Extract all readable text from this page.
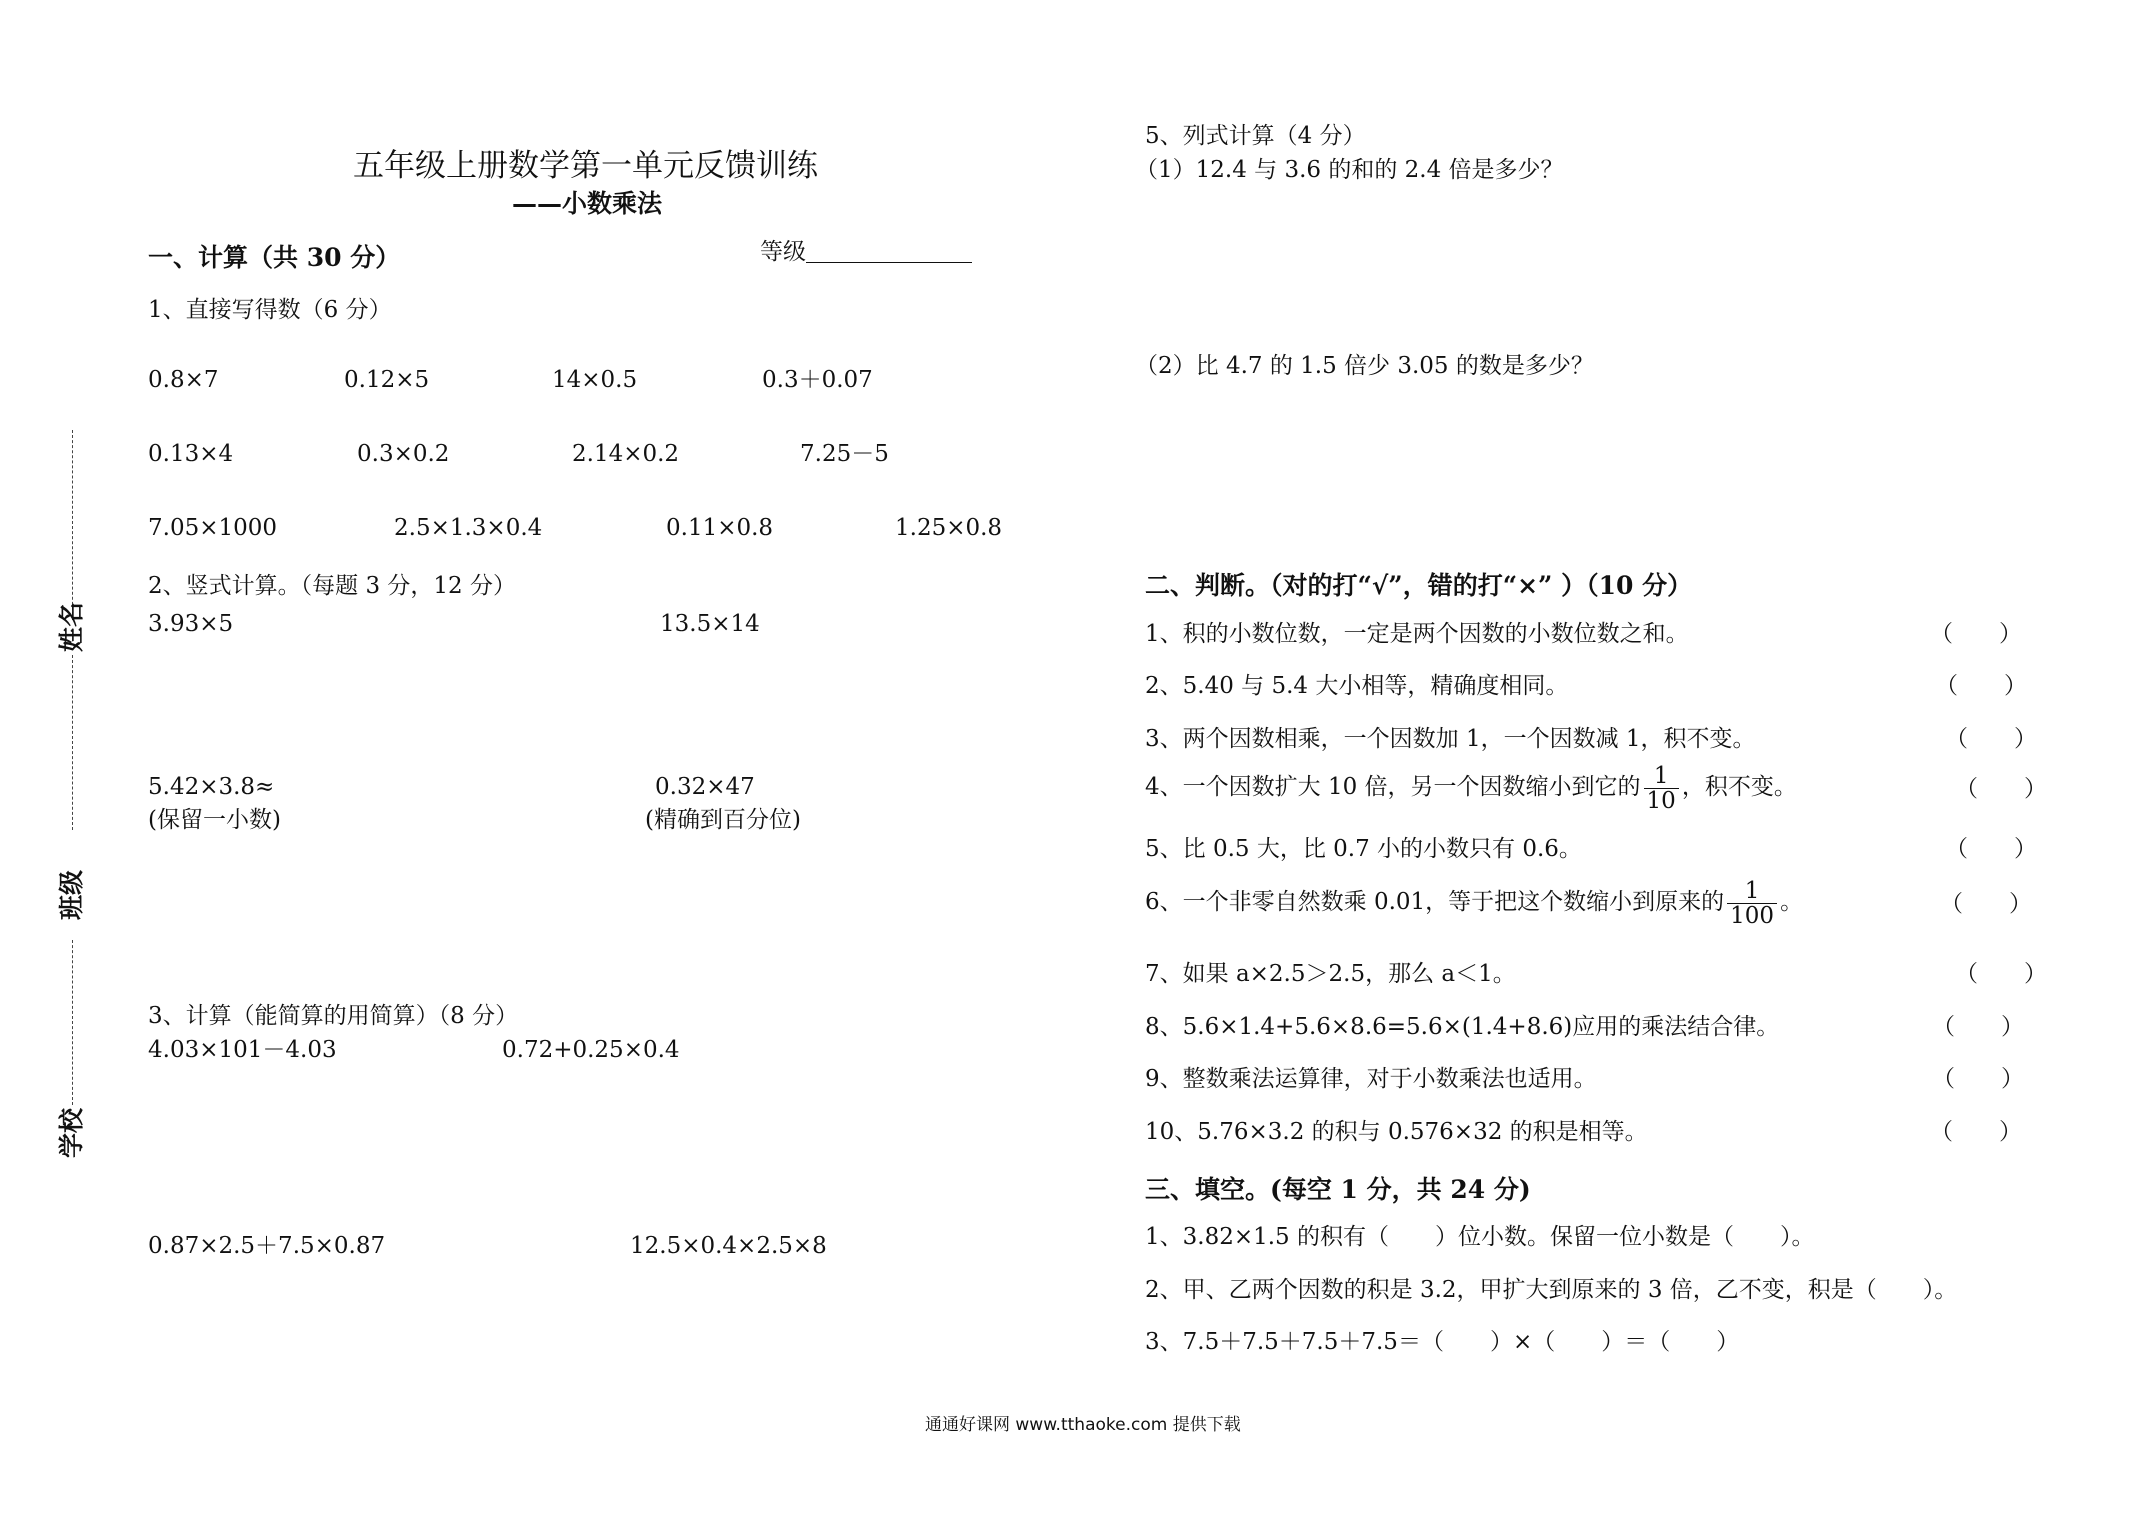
姓名
班级
学校
五年级上册数学第一单元反馈训练
——小数乘法
一、计算（共 30 分）	等级
1、直接写得数（6 分）
0.8×7	0.12×5	14×0.5	0.3＋0.07
0.13×4	0.3×0.2	2.14×0.2	7.25－5
7.05×1000	2.5×1.3×0.4	0.11×0.8	1.25×0.8
2、竖式计算。（每题 3 分，12 分）
3.93×5	13.5×14
5.42×3.8≈
(保留一小数)
0.32×47
(精确到百分位)
3、计算（能简算的用简算）（8 分）
4.03×101－4.03	0.72+0.25×0.4
0.87×2.5＋7.5×0.87	12.5×0.4×2.5×8
5、列式计算（4 分）
（1）12.4 与 3.6 的和的 2.4 倍是多少？
（2）比 4.7 的 1.5 倍少 3.05 的数是多少？
二、判断。（对的打“√”，错的打“×” ）（10 分）
1、积的小数位数，一定是两个因数的小数位数之和。	（　　）
2、5.40 与 5.4 大小相等，精确度相同。	（　　）
3、两个因数相乘，一个因数加 1，一个因数减 1，积不变。	（　　）
4、一个因数扩大 10 倍，另一个因数缩小到它的 $\frac{1}{10}$ ，积不变。	（　　）
5、比 0.5 大，比 0.7 小的小数只有 0.6。	（　　）
6、一个非零自然数乘 0.01，等于把这个数缩小到原来的 $\frac{1}{100}$ 。	（　　）
7、如果 a×2.5＞2.5，那么 a＜1。	（　　）
8、5.6×1.4+5.6×8.6=5.6×(1.4+8.6)应用的乘法结合律。	（　　）
9、整数乘法运算律，对于小数乘法也适用。	（　　）
10、5.76×3.2 的积与 0.576×32 的积是相等。	（　　）
三、填空。(每空 1 分，共 24 分)
1、3.82×1.5 的积有（　　）位小数。保留一位小数是（　　）。
2、甲、乙两个因数的积是 3.2，甲扩大到原来的 3 倍，乙不变，积是（　　）。
3、7.5＋7.5＋7.5＋7.5＝（　　）×（　　）＝（　　）
通通好课网 www.tthaoke.com 提供下载
